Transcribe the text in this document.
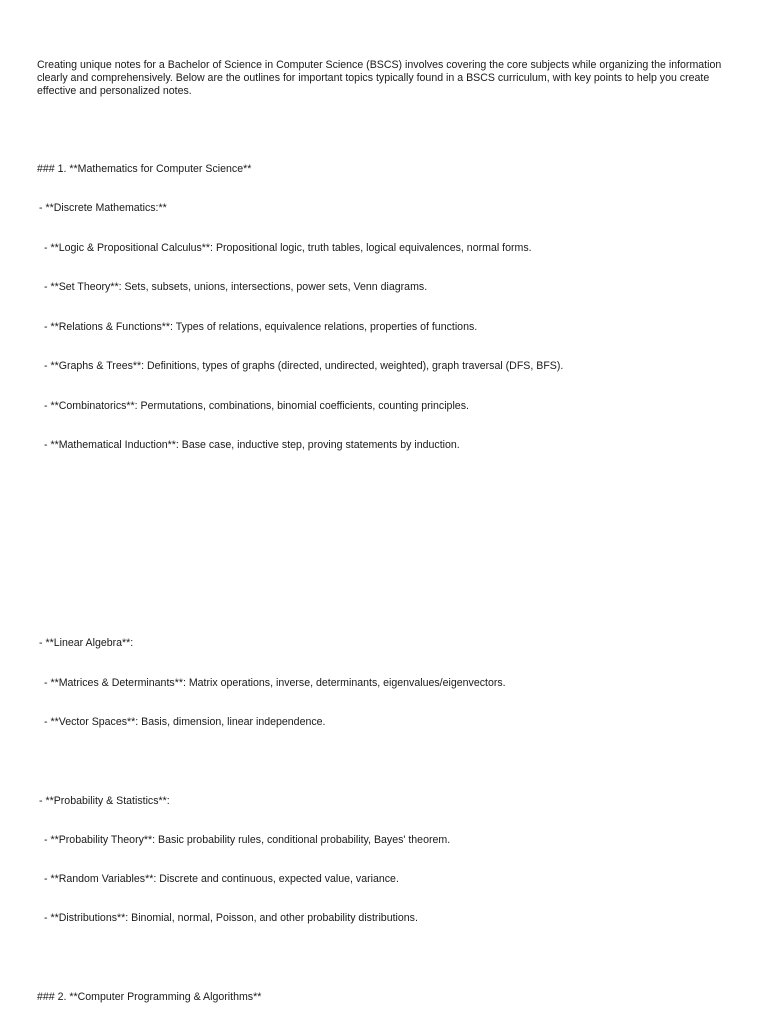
Creating unique notes for a Bachelor of Science in Computer Science (BSCS) involves covering the core subjects while organizing the information clearly and comprehensively. Below are the outlines for important topics typically found in a BSCS curriculum, with key points to help you create effective and personalized notes.

### 1. **Mathematics for Computer Science**

- **Discrete Mathematics:**

- **Logic & Propositional Calculus**: Propositional logic, truth tables, logical equivalences, normal forms.

- **Set Theory**: Sets, subsets, unions, intersections, power sets, Venn diagrams.

- **Relations & Functions**: Types of relations, equivalence relations, properties of functions.

- **Graphs & Trees**: Definitions, types of graphs (directed, undirected, weighted), graph traversal (DFS, BFS).

- **Combinatorics**: Permutations, combinations, binomial coefficients, counting principles.

- **Mathematical Induction**: Base case, inductive step, proving statements by induction.

- **Linear Algebra**:

- **Matrices & Determinants**: Matrix operations, inverse, determinants, eigenvalues/eigenvectors.

- **Vector Spaces**: Basis, dimension, linear independence.

- **Probability & Statistics**:

- **Probability Theory**: Basic probability rules, conditional probability, Bayes' theorem.

- **Random Variables**: Discrete and continuous, expected value, variance.

- **Distributions**: Binomial, normal, Poisson, and other probability distributions.

### 2. **Computer Programming & Algorithms**
